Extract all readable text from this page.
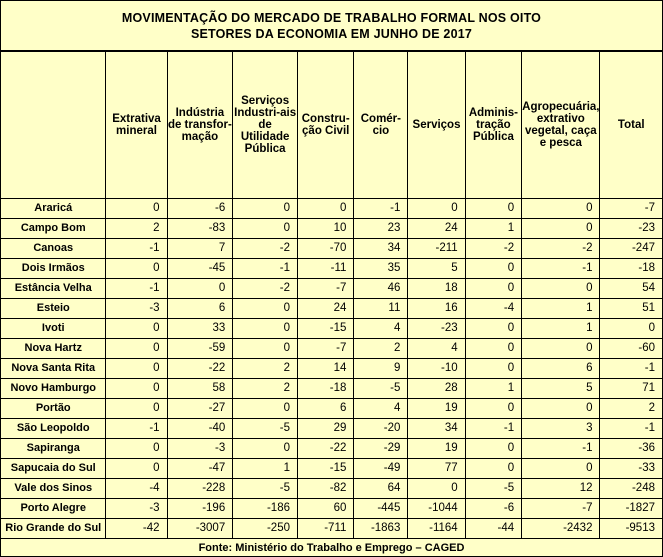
MOVIMENTAÇÃO DO MERCADO DE TRABALHO FORMAL NOS OITO
SETORES DA ECONOMIA EM JUNHO DE 2017
	Extrativa mineral	Indústria de transfor-mação	Serviços Industri-ais de Utilidade Pública	Constru-ção Civil	Comér-cio	Serviços	Adminis-tração Pública	Agropecuária, extrativo vegetal, caça e pesca	Total
Araricá	0	-6	0	0	-1	0	0	0	-7
Campo Bom	2	-83	0	10	23	24	1	0	-23
Canoas	-1	7	-2	-70	34	-211	-2	-2	-247
Dois Irmãos	0	-45	-1	-11	35	5	0	-1	-18
Estância Velha	-1	0	-2	-7	46	18	0	0	54
Esteio	-3	6	0	24	11	16	-4	1	51
Ivoti	0	33	0	-15	4	-23	0	1	0
Nova Hartz	0	-59	0	-7	2	4	0	0	-60
Nova Santa Rita	0	-22	2	14	9	-10	0	6	-1
Novo Hamburgo	0	58	2	-18	-5	28	1	5	71
Portão	0	-27	0	6	4	19	0	0	2
São Leopoldo	-1	-40	-5	29	-20	34	-1	3	-1
Sapiranga	0	-3	0	-22	-29	19	0	-1	-36
Sapucaia do Sul	0	-47	1	-15	-49	77	0	0	-33
Vale dos Sinos	-4	-228	-5	-82	64	0	-5	12	-248
Porto Alegre	-3	-196	-186	60	-445	-1044	-6	-7	-1827
Rio Grande do Sul	-42	-3007	-250	-711	-1863	-1164	-44	-2432	-9513
Fonte: Ministério do Trabalho e Emprego – CAGED
